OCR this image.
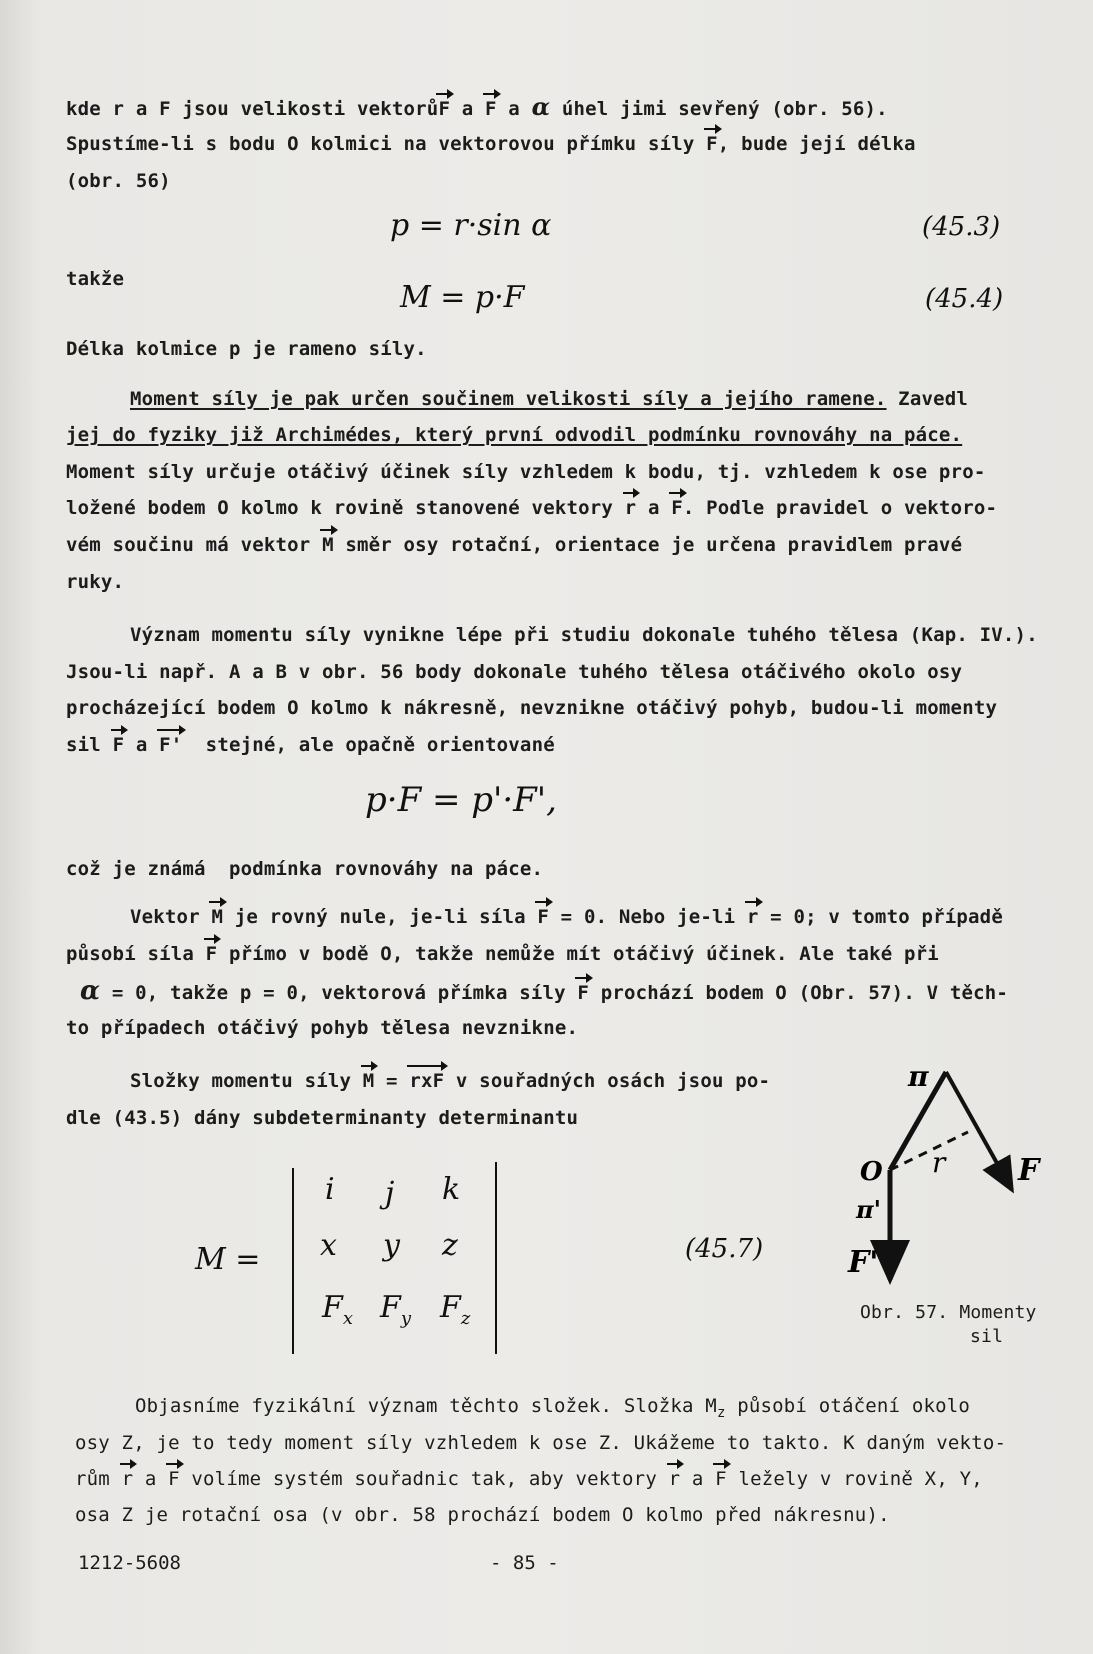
kde r a F jsou velikosti vektorůF a F a α úhel jimi sevřený (obr. 56).
Spustíme-li s bodu O kolmici na vektorovou přímku síly F, bude její délka
(obr. 56)
p = r·sin α	(45.3)
takže
M = p·F	(45.4)
Délka kolmice p je rameno síly.
Moment síly je pak určen součinem velikosti síly a jejího ramene. Zavedl
jej do fyziky již Archimédes, který první odvodil podmínku rovnováhy na páce.
Moment síly určuje otáčivý účinek síly vzhledem k bodu, tj. vzhledem k ose pro-
ložené bodem O kolmo k rovině stanovené vektory r a F. Podle pravidel o vektoro-
vém součinu má vektor M směr osy rotační, orientace je určena pravidlem pravé
ruky.
Význam momentu síly vynikne lépe při studiu dokonale tuhého tělesa (Kap. IV.).
Jsou-li např. A a B v obr. 56 body dokonale tuhého tělesa otáčivého okolo osy
procházející bodem O kolmo k nákresně, nevznikne otáčivý pohyb, budou-li momenty
sil F a F'  stejné, ale opačně orientované
p·F = p'·F',
což je známá  podmínka rovnováhy na páce.
Vektor M je rovný nule, je-li síla F = 0. Nebo je-li r = 0; v tomto případě
působí síla F přímo v bodě O, takže nemůže mít otáčivý účinek. Ale také při
α = 0, takže p = 0, vektorová přímka síly F prochází bodem O (Obr. 57). V těch-
to případech otáčivý pohyb tělesa nevznikne.
Složky momentu síly M = rxF v souřadných osách jsou po-
dle (43.5) dány subdeterminanty determinantu
M =
i j k
x y z
$F_x$ $F_y$ $F_z$
(45.7)
π
O r F
π'
F'
Obr. 57. Momenty
sil
Objasníme fyzikální význam těchto složek. Složka $M_z$ působí otáčení okolo
osy Z, je to tedy moment síly vzhledem k ose Z. Ukážeme to takto. K daným vekto-
rům r a F volíme systém souřadnic tak, aby vektory r a F ležely v rovině X, Y,
osa Z je rotační osa (v obr. 58 prochází bodem O kolmo před nákresnu).
1212-5608	- 85 -
